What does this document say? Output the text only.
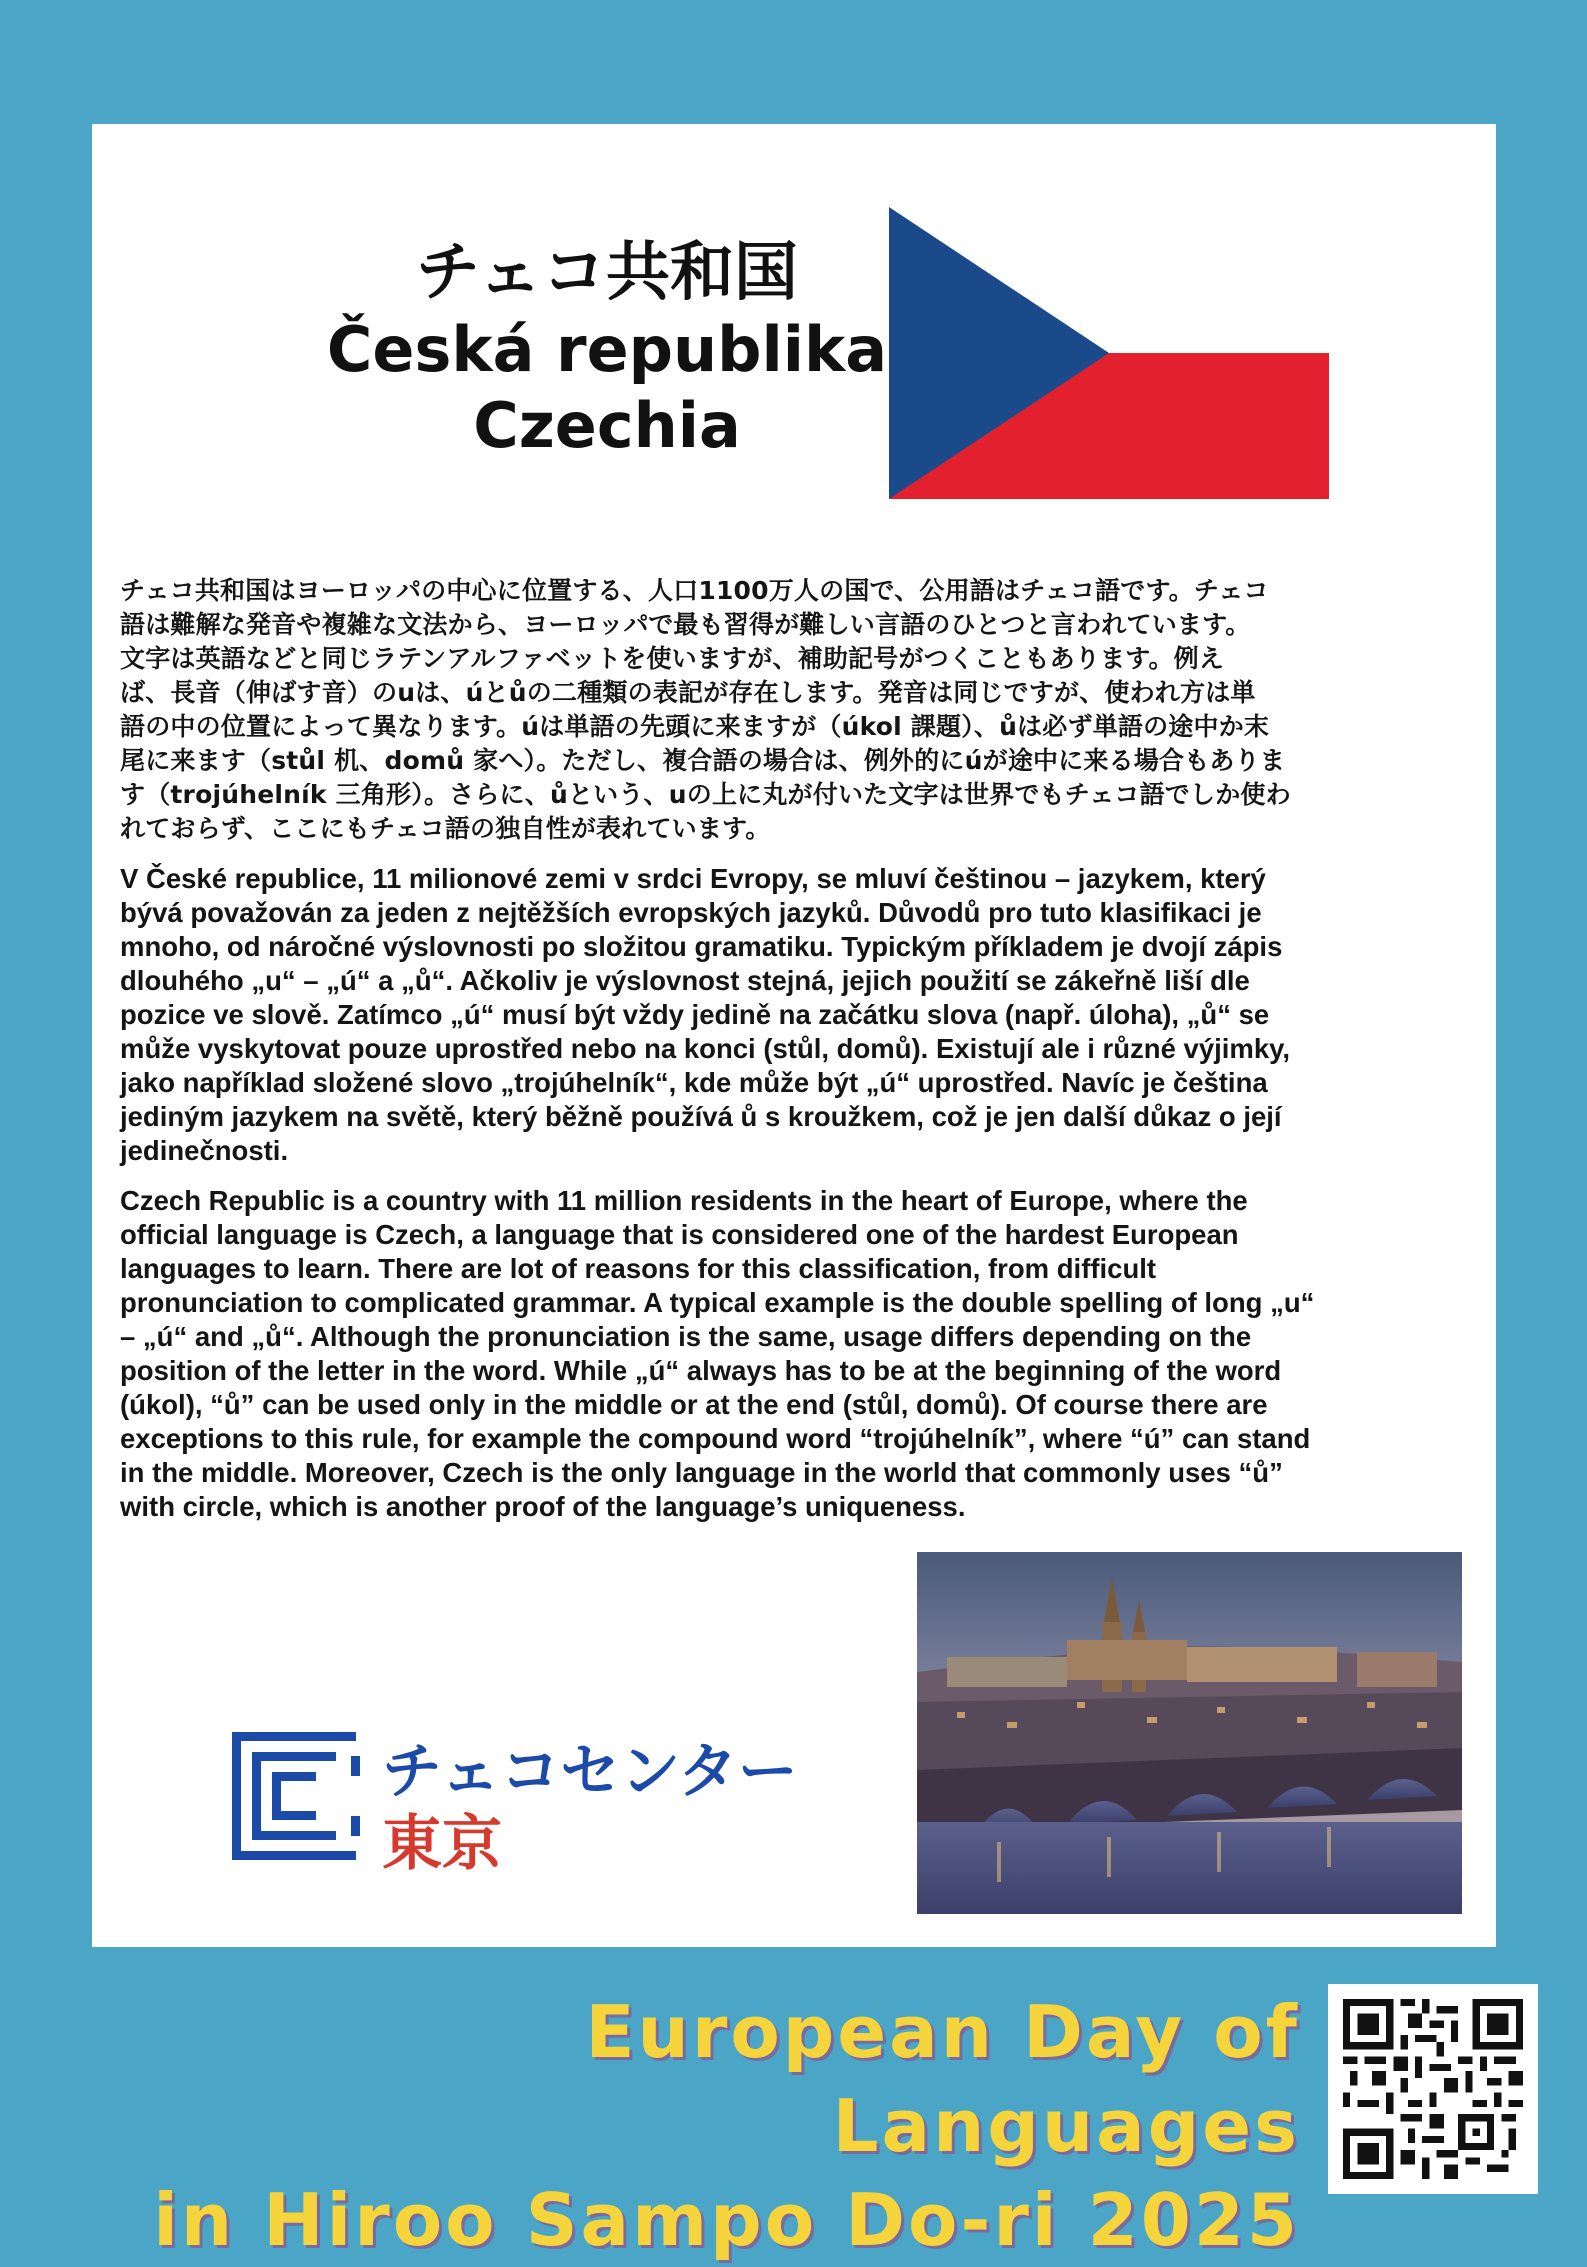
チェコ共和国
Česká republika
Czechia

チェコ共和国はヨーロッパの中心に位置する、人口1100万人の国で、公用語はチェコ語です。チェコ
語は難解な発音や複雑な文法から、ヨーロッパで最も習得が難しい言語のひとつと言われています。
文字は英語などと同じラテンアルファベットを使いますが、補助記号がつくこともあります。例え
ば、長音（伸ばす音）のuは、úとůの二種類の表記が存在します。発音は同じですが、使われ方は単
語の中の位置によって異なります。úは単語の先頭に来ますが（úkol 課題）、ůは必ず単語の途中か末
尾に来ます（stůl 机、domů 家へ）。ただし、複合語の場合は、例外的にúが途中に来る場合もありま
す（trojúhelník 三角形）。さらに、ůという、uの上に丸が付いた文字は世界でもチェコ語でしか使わ
れておらず、ここにもチェコ語の独自性が表れています。

V České republice, 11 milionové zemi v srdci Evropy, se mluví češtinou – jazykem, který
bývá považován za jeden z nejtěžších evropských jazyků. Důvodů pro tuto klasifikaci je
mnoho, od náročné výslovnosti po složitou gramatiku. Typickým příkladem je dvojí zápis
dlouhého „u“ – „ú“ a „ů“. Ačkoliv je výslovnost stejná, jejich použití se zákeřně liší dle
pozice ve slově. Zatímco „ú“ musí být vždy jedině na začátku slova (např. úloha), „ů“ se
může vyskytovat pouze uprostřed nebo na konci (stůl, domů). Existují ale i různé výjimky,
jako například složené slovo „trojúhelník“, kde může být „ú“ uprostřed. Navíc je čeština
jediným jazykem na světě, který běžně používá ů s kroužkem, což je jen další důkaz o její
jedinečnosti.

Czech Republic is a country with 11 million residents in the heart of Europe, where the
official language is Czech, a language that is considered one of the hardest European
languages to learn. There are lot of reasons for this classification, from difficult
pronunciation to complicated grammar. A typical example is the double spelling of long „u“
– „ú“ and „ů“. Although the pronunciation is the same, usage differs depending on the
position of the letter in the word. While „ú“ always has to be at the beginning of the word
(úkol), “ů” can be used only in the middle or at the end (stůl, domů). Of course there are
exceptions to this rule, for example the compound word “trojúhelník”, where “ú” can stand
in the middle. Moreover, Czech is the only language in the world that commonly uses “ů”
with circle, which is another proof of the language’s uniqueness.

チェコセンター
東京
European Day of Languages
in Hiroo Sampo Do-ri 2025
